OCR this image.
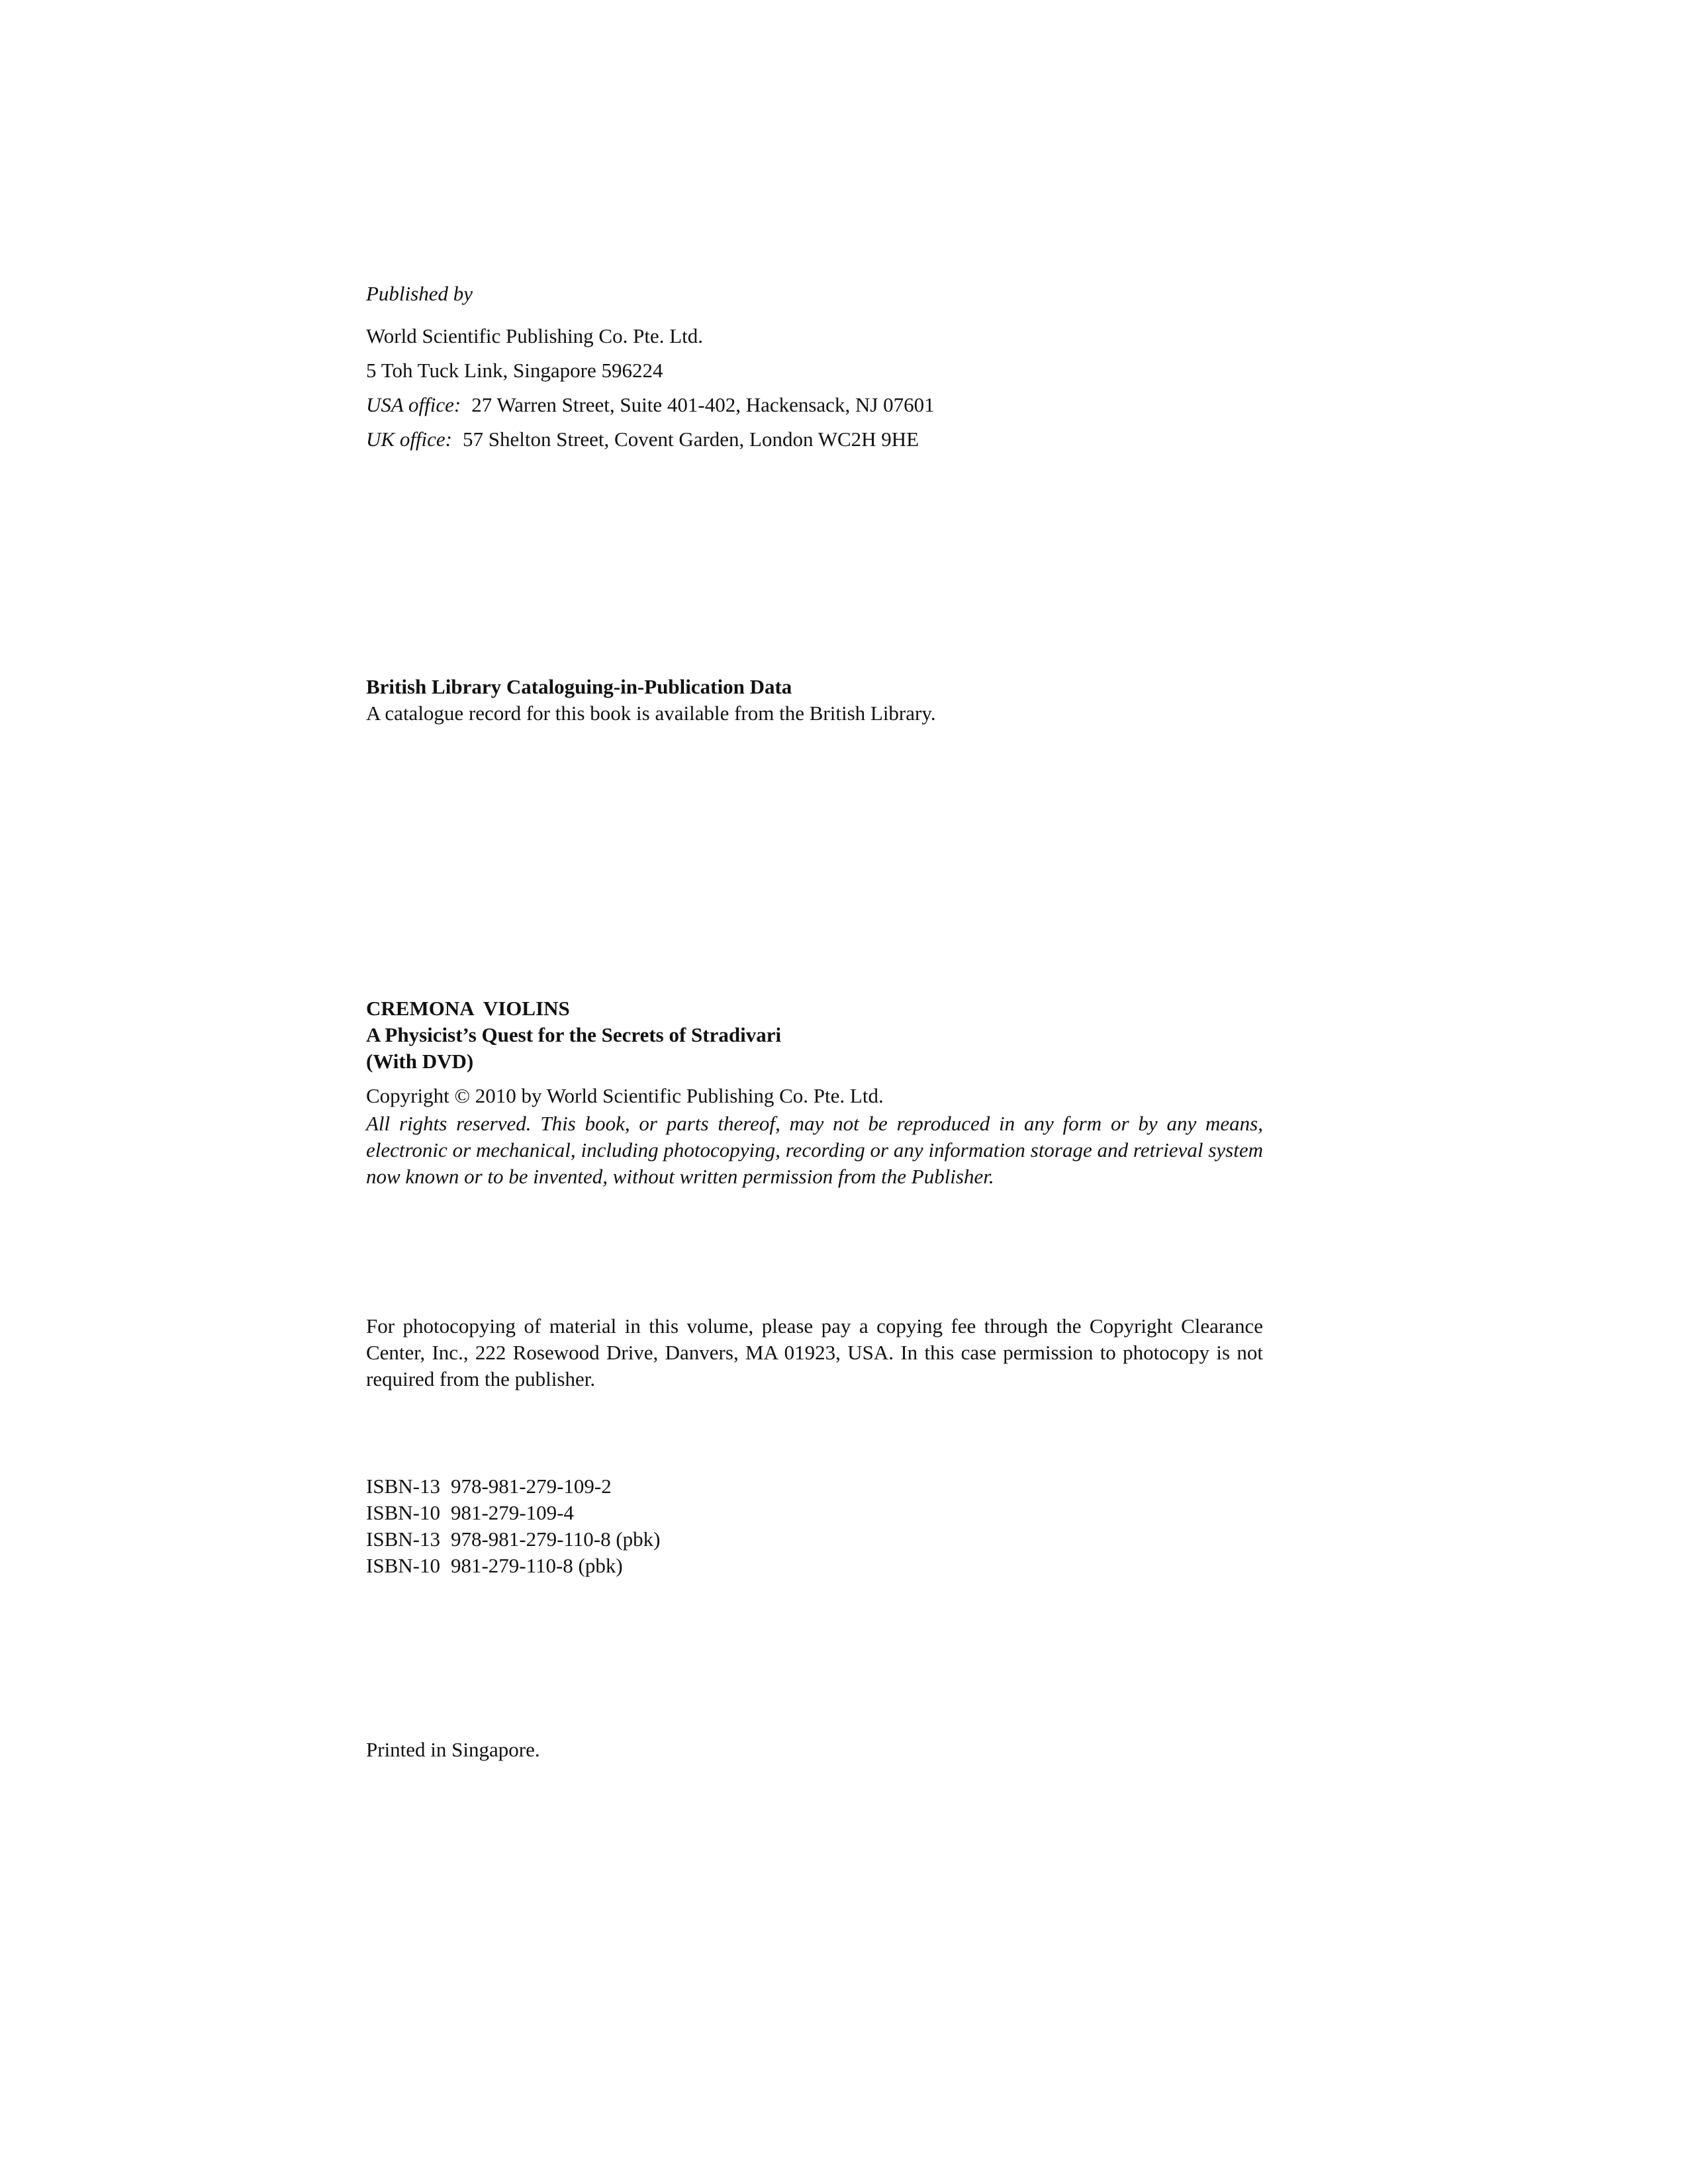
Published by
World Scientific Publishing Co. Pte. Ltd.
5 Toh Tuck Link, Singapore 596224
USA office: 27 Warren Street, Suite 401-402, Hackensack, NJ 07601
UK office: 57 Shelton Street, Covent Garden, London WC2H 9HE
British Library Cataloguing-in-Publication Data
A catalogue record for this book is available from the British Library.
CREMONA  VIOLINS
A Physicist’s Quest for the Secrets of Stradivari
(With DVD)
Copyright © 2010 by World Scientific Publishing Co. Pte. Ltd.
All rights reserved. This book, or parts thereof, may not be reproduced in any form or by any means, electronic or mechanical, including photocopying, recording or any information storage and retrieval system now known or to be invented, without written permission from the Publisher.
For photocopying of material in this volume, please pay a copying fee through the Copyright Clearance Center, Inc., 222 Rosewood Drive, Danvers, MA 01923, USA. In this case permission to photocopy is not required from the publisher.
ISBN-13 978-981-279-109-2
ISBN-10 981-279-109-4
ISBN-13 978-981-279-110-8 (pbk)
ISBN-10 981-279-110-8 (pbk)
Printed in Singapore.
